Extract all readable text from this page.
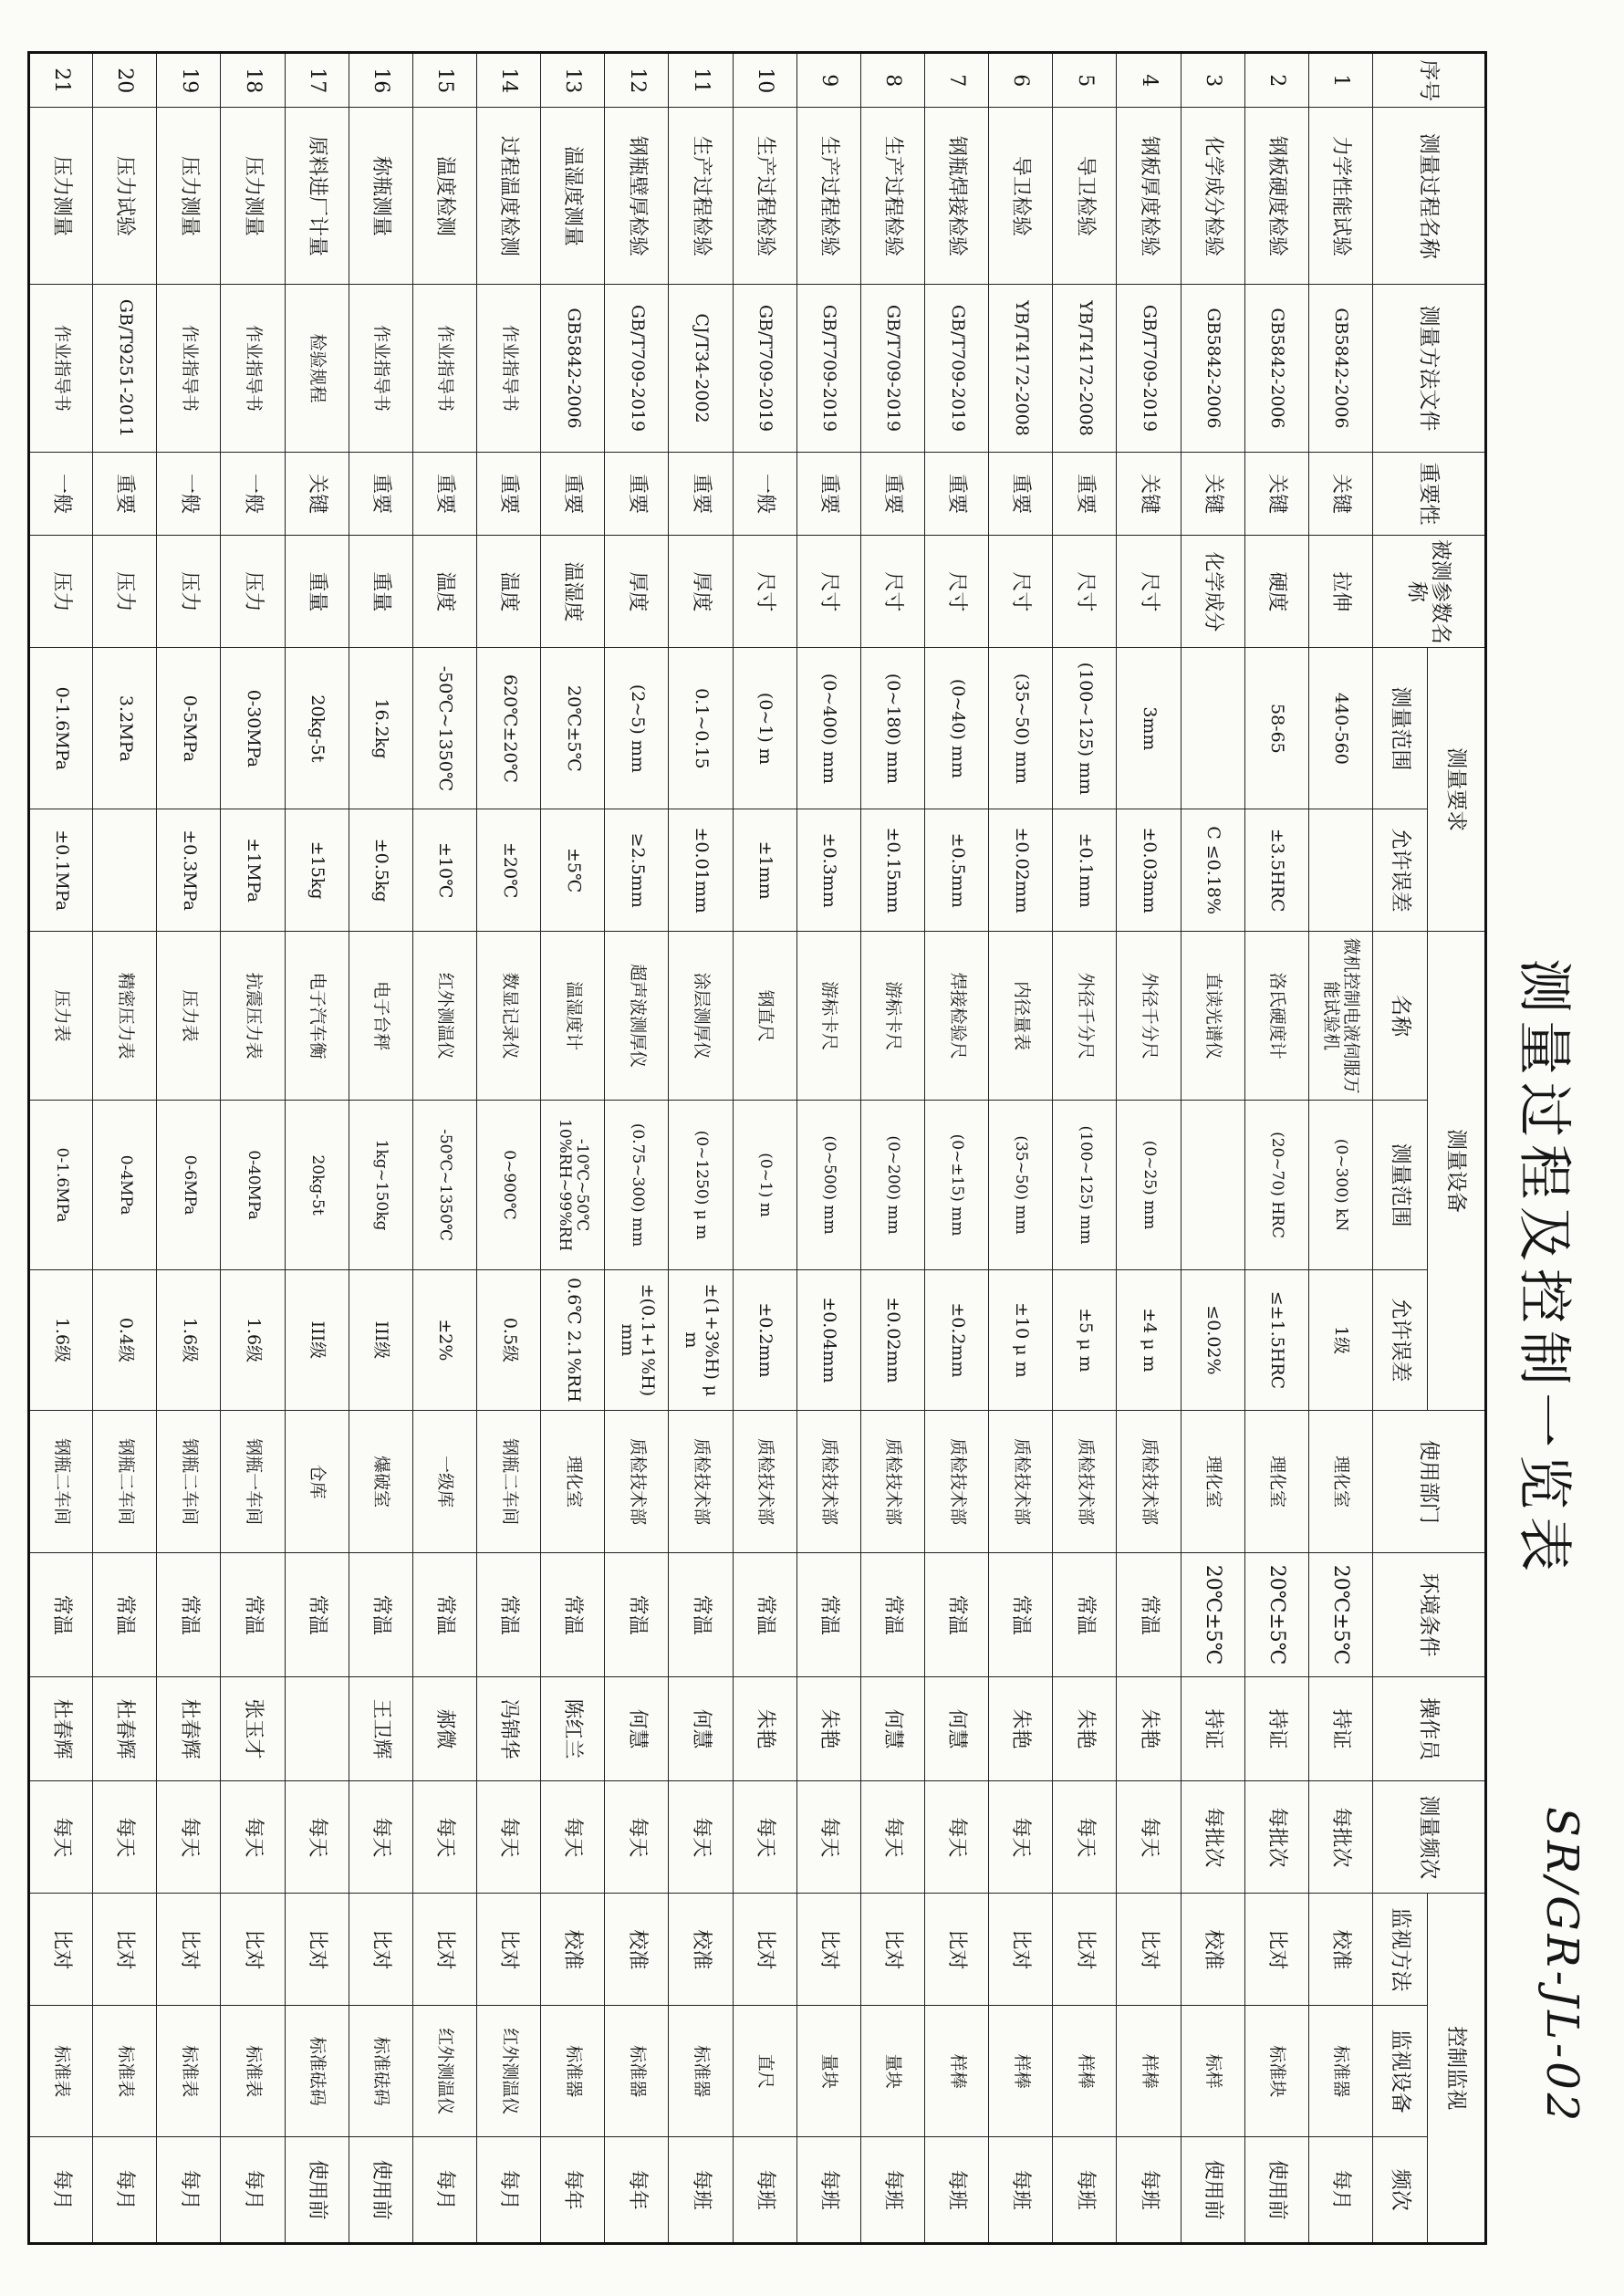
测量过程及控制一览表
SR/GR-JL-02
序号	测量过程名称	测量方法文件	重要性	被测参数名称	测量要求		测量设备			使用部门	环境条件	操作员	测量频次	控制监视		
					测量范围	允许误差	名称	测量范围	允许误差					监视方法	监视设备	频次
1	力学性能试验	GB5842-2006	关键	拉伸	440-560		微机控制电液伺服万能试验机	(0~300) kN	1级	理化室	20℃±5℃	持证	每批次	校准	标准器	每月
2	钢板硬度检验	GB5842-2006	关键	硬度	58-65	±3.5HRC	洛氏硬度计	(20~70) HRC	≤±1.5HRC	理化室	20℃±5℃	持证	每批次	比对	标准块	使用前
3	化学成分检验	GB5842-2006	关键	化学成分		C ≤0.18%	直读光谱仪		≤0.02%	理化室	20℃±5℃	持证	每批次	校准	标样	使用前
4	钢板厚度检验	GB/T709-2019	关键	尺寸	3mm	±0.03mm	外径千分尺	(0~25) mm	±4 μ m	质检技术部	常温	朱艳	每天	比对	样棒	每班
5	导卫检验	YB/T4172-2008	重要	尺寸	(100~125) mm	±0.1mm	外径千分尺	(100~125) mm	±5 μ m	质检技术部	常温	朱艳	每天	比对	样棒	每班
6	导卫检验	YB/T4172-2008	重要	尺寸	(35~50) mm	±0.02mm	内径量表	(35~50) mm	±10 μ m	质检技术部	常温	朱艳	每天	比对	样棒	每班
7	钢瓶焊接检验	GB/T709-2019	重要	尺寸	(0~40) mm	±0.5mm	焊接检验尺	(0~±15) mm	±0.2mm	质检技术部	常温	何慧	每天	比对	样棒	每班
8	生产过程检验	GB/T709-2019	重要	尺寸	(0~180) mm	±0.15mm	游标卡尺	(0~200) mm	±0.02mm	质检技术部	常温	何慧	每天	比对	量块	每班
9	生产过程检验	GB/T709-2019	重要	尺寸	(0~400) mm	±0.3mm	游标卡尺	(0~500) mm	±0.04mm	质检技术部	常温	朱艳	每天	比对	量块	每班
10	生产过程检验	GB/T709-2019	一般	尺寸	(0~1) m	±1mm	钢直尺	(0~1) m	±0.2mm	质检技术部	常温	朱艳	每天	比对	直尺	每班
11	生产过程检验	CJ/T34-2002	重要	厚度	0.1~0.15	±0.01mm	涂层测厚仪	(0~1250) μ m	±(1+3%H) μ m	质检技术部	常温	何慧	每天	校准	标准器	每班
12	钢瓶壁厚检验	GB/T709-2019	重要	厚度	(2~5) mm	≥2.5mm	超声波测厚仪	(0.75~300) mm	±(0.1+1%H) mm	质检技术部	常温	何慧	每天	校准	标准器	每年
13	温湿度测量	GB5842-2006	重要	温湿度	20℃±5℃	±5℃	温湿度计	-10℃~50℃ 10%RH~99%RH	0.6℃ 2.1%RH	理化室	常温	陈红兰	每天	校准	标准器	每年
14	过程温度检测	作业指导书	重要	温度	620℃±20℃	±20℃	数显记录仪	0~900℃	0.5级	钢瓶二车间	常温	冯锦华	每天	比对	红外测温仪	每月
15	温度检测	作业指导书	重要	温度	-50℃~1350℃	±10℃	红外测温仪	-50℃~1350℃	±2%	一级库	常温	郝微	每天	比对	红外测温仪	每月
16	称瓶测量	作业指导书	重要	重量	16.2kg	±0.5kg	电子台秤	1kg~150kg	III级	爆破室	常温	王卫辉	每天	比对	标准砝码	使用前
17	原料进厂计量	检验规程	关键	重量	20kg-5t	±15kg	电子汽车衡	20kg-5t	III级	仓库	常温		每天	比对	标准砝码	使用前
18	压力测量	作业指导书	一般	压力	0-30MPa	±1MPa	抗震压力表	0-40MPa	1.6级	钢瓶一车间	常温	张玉才	每天	比对	标准表	每月
19	压力测量	作业指导书	一般	压力	0-5MPa	±0.3MPa	压力表	0-6MPa	1.6级	钢瓶二车间	常温	杜春辉	每天	比对	标准表	每月
20	压力试验	GB/T9251-2011	重要	压力	3.2MPa		精密压力表	0-4MPa	0.4级	钢瓶二车间	常温	杜春辉	每天	比对	标准表	每月
21	压力测量	作业指导书	一般	压力	0-1.6MPa	±0.1MPa	压力表	0-1.6MPa	1.6级	钢瓶二车间	常温	杜春辉	每天	比对	标准表	每月
